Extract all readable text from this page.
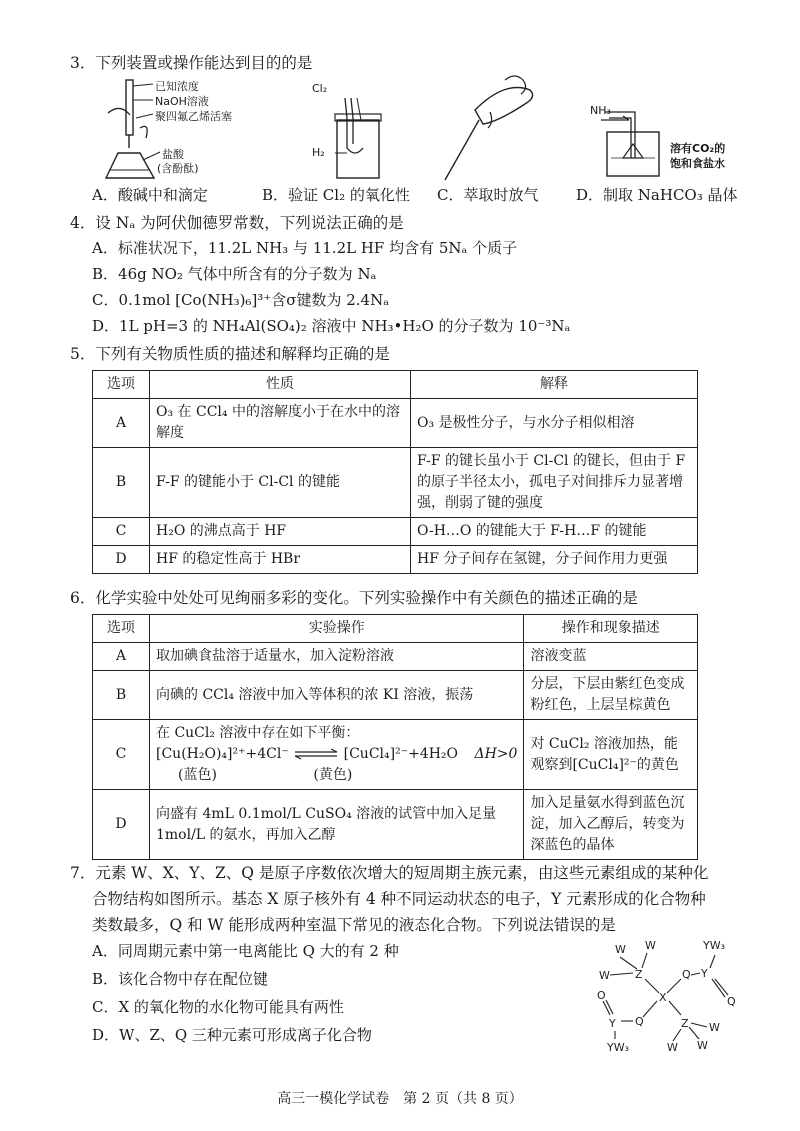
3．下列装置或操作能达到目的的是
已知浓度
NaOH溶液
聚四氟乙烯活塞
盐酸
(含酚酞)
Cl₂
H₂
NH₃
溶有CO₂的
饱和食盐水
A．酸碱中和滴定	B．验证 Cl₂ 的氧化性 C．萃取时放气	D．制取 NaHCO₃ 晶体
4．设 Nₐ 为阿伏伽德罗常数，下列说法正确的是
A．标准状况下，11.2L NH₃ 与 11.2L HF 均含有 5Nₐ 个质子
B．46g NO₂ 气体中所含有的分子数为 Nₐ
C．0.1mol [Co(NH₃)₆]³⁺含σ键数为 2.4Nₐ
D．1L pH=3 的 NH₄Al(SO₄)₂ 溶液中 NH₃•H₂O 的分子数为 10⁻³Nₐ
5．下列有关物质性质的描述和解释均正确的是
选项	性质	解释
A	O₃ 在 CCl₄ 中的溶解度小于在水中的溶解度	O₃ 是极性分子，与水分子相似相溶
B	F-F 的键能小于 Cl-Cl 的键能	F-F 的键长虽小于 Cl-Cl 的键长，但由于 F 的原子半径太小，孤电子对间排斥力显著增强，削弱了键的强度
C	H₂O 的沸点高于 HF	O-H…O 的键能大于 F-H…F 的键能
D	HF 的稳定性高于 HBr	HF 分子间存在氢键，分子间作用力更强
6．化学实验中处处可见绚丽多彩的变化。下列实验操作中有关颜色的描述正确的是
选项	实验操作	操作和现象描述
A	取加碘食盐溶于适量水，加入淀粉溶液	溶液变蓝
B	向碘的 CCl₄ 溶液中加入等体积的浓 KI 溶液，振荡	分层，下层由紫红色变成粉红色，上层呈棕黄色
C	在 CuCl₂ 溶液中存在如下平衡：
[Cu(H₂O)₄]²⁺+4Cl⁻ ⇌ [CuCl₄]²⁻+4H₂O ΔH>0
(蓝色) (黄色)	对 CuCl₂ 溶液加热，能观察到[CuCl₄]²⁻的黄色
D	向盛有 4mL 0.1mol/L CuSO₄ 溶液的试管中加入足量 1mol/L 的氨水，再加入乙醇	加入足量氨水得到蓝色沉淀，加入乙醇后，转变为深蓝色的晶体
7．元素 W、X、Y、Z、Q 是原子序数依次增大的短周期主族元素，由这些元素组成的某种化
合物结构如图所示。基态 X 原子核外有 4 种不同运动状态的电子，Y 元素形成的化合物种
类数最多，Q 和 W 能形成两种室温下常见的液态化合物。下列说法错误的是
A．同周期元素中第一电离能比 Q 大的有 2 种
B．该化合物中存在配位键
C．X 的氧化物的水化物可能具有两性
D．W、Z、Q 三种元素可形成离子化合物
W W	YW₃
W Z	Q Y
X
O
Q
Y	Z W
Q
YW₃	W W
高三一模化学试卷　第 2 页（共 8 页）
